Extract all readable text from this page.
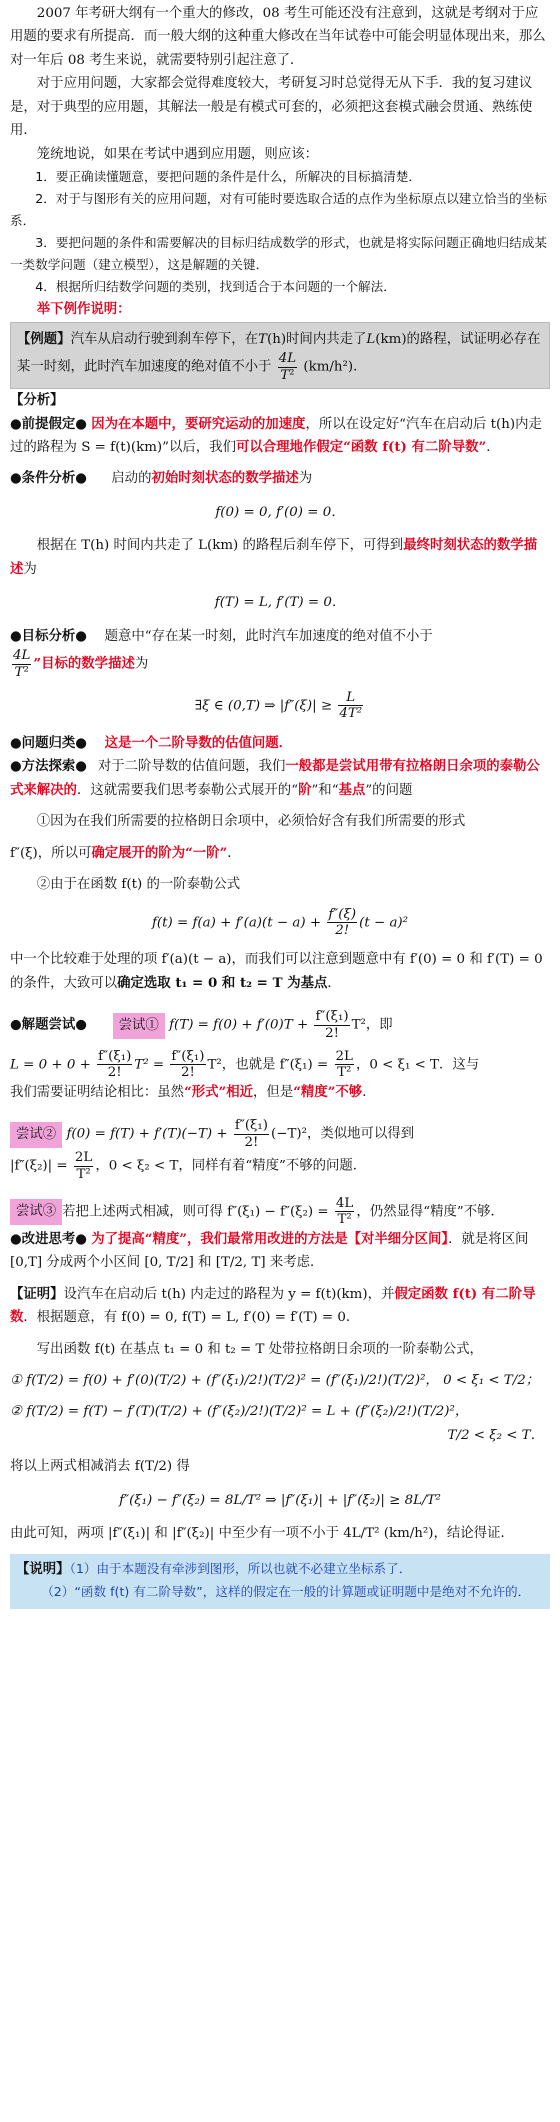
2007 年考研大纲有一个重大的修改，08 考生可能还没有注意到，这就是考纲对于应用题的要求有所提高．而一般大纲的这种重大修改在当年试卷中可能会明显体现出来，那么对一年后 08 考生来说，就需要特别引起注意了．

对于应用问题，大家都会觉得难度较大，考研复习时总觉得无从下手．我的复习建议是，对于典型的应用题，其解法一般是有模式可套的，必须把这套模式融会贯通、熟练使用．

笼统地说，如果在考试中遇到应用题，则应该：

1．要正确读懂题意，要把问题的条件是什么，所解决的目标搞清楚．

2．对于与图形有关的应用问题，对有可能时要选取合适的点作为坐标原点以建立恰当的坐标系．

3．要把问题的条件和需要解决的目标归结成数学的形式，也就是将实际问题正确地归结成某一类数学问题（建立模型），这是解题的关键．

4．根据所归结数学问题的类别，找到适合于本问题的一个解法．

举下例作说明：

【例题】汽车从启动行驶到刹车停下，在T(h)时间内共走了L(km)的路程，试证明必存在某一时刻，此时汽车加速度的绝对值不小于 $\frac{4L}{\text{T²}} (km/h^2)$．

【分析】

●前提假定● 因为在本题中，要研究运动的加速度，所以在设定好“汽车在启动后 t(h)内走过的路程为 S = f(t)(km)”以后，我们可以合理地作假定“函数 f(t) 有二阶导数”．

●条件分析● 启动的初始时刻状态的数学描述为

f(0) = 0, f′(0) = 0．

根据在 T(h) 时间内共走了 L(km) 的路程后刹车停下，可得到最终时刻状态的数学描述为

f(T) = L, f′(T) = 0．

●目标分析● 题意中“存在某一时刻，此时汽车加速度的绝对值不小于

$\frac{4L}{\text{T²}}$ ”目标的数学描述为

∃ξ ∈ (0,T) ⇒ $|f''(\xi)| \ge \frac{L}{\text{4T²}}$

●问题归类● 这是一个二阶导数的估值问题．

●方法探索● 对于二阶导数的估值问题，我们一般都是尝试用带有拉格朗日余项的泰勒公式来解决的．这就需要我们思考泰勒公式展开的“阶”和“基点”的问题

①因为在我们所需要的拉格朗日余项中，必须恰好含有我们所需要的形式

f″(ξ)，所以可确定展开的阶为“一阶”．

②由于在函数 f(t) 的一阶泰勒公式

$f(t) = f(a) + f'(a)(t - a) + \frac{f''(\xi)}{2!} (t - a)^2$

中一个比较难于处理的项 f′(a)(t − a)，而我们可以注意到题意中有 f′(0) = 0 和 f′(T) = 0 的条件，大致可以确定选取 t₁ = 0 和 t₂ = T 为基点．

●解题尝试● 尝试① $f(T) = f(0) + f'(0)T + \frac{\text{f″(ξ₁)}}{2!} T^2$，即

$L = 0 + 0 + \frac{\text{f″(ξ₁)}}{2!} T^2 = \frac{\text{f″(ξ₁)}}{2!} T^2$，也就是 $f''(\xi_1) = \frac{2L}{\text{T²}}$ ，0 < ξ₁ < T．这与

我们需要证明结论相比：虽然“形式”相近，但是“精度”不够．

尝试② $f(0) = f(T) + f'(T)(-T) + \frac{\text{f″(ξ₁)}}{2!} (-T)^2$，类似地可以得到

$|f''(\xi_2)| = \frac{2L}{\text{T²}}$ ，0 < ξ₂ < T，同样有着“精度”不够的问题．

尝试③ 若把上述两式相减，则可得 $f''(\xi_1) - f''(\xi_2) = \frac{4L}{\text{T²}}$ ，仍然显得“精度”不够．

●改进思考● 为了提高“精度”，我们最常用改进的方法是【对半细分区间】．就是将区间 [0,T] 分成两个小区间 [0, T/2] 和 [T/2, T] 来考虑．

【证明】设汽车在启动后 t(h) 内走过的路程为 y = f(t)(km)，并假定函数 f(t) 有二阶导数．根据题意，有 f(0) = 0, f(T) = L, f′(0) = f′(T) = 0．

写出函数 f(t) 在基点 t₁ = 0 和 t₂ = T 处带拉格朗日余项的一阶泰勒公式，

① f(T/2) = f(0) + f′(0)(T/2) + (f″(ξ₁)/2!)(T/2)² = (f″(ξ₁)/2!)(T/2)²， 0 < ξ₁ < T/2；

② f(T/2) = f(T) − f′(T)(T/2) + (f″(ξ₂)/2!)(T/2)² = L + (f″(ξ₂)/2!)(T/2)²，

T/2 < ξ₂ < T．

将以上两式相减消去 f(T/2) 得

f″(ξ₁) − f″(ξ₂) = 8L/T² ⇒ |f″(ξ₁)| + |f″(ξ₂)| ≥ 8L/T²

由此可知，两项 |f″(ξ₁)| 和 |f″(ξ₂)| 中至少有一项不小于 4L/T² (km/h²)，结论得证．

【说明】（1）由于本题没有牵涉到图形，所以也就不必建立坐标系了．

（2）“函数 f(t) 有二阶导数”，这样的假定在一般的计算题或证明题中是绝对不允许的．
